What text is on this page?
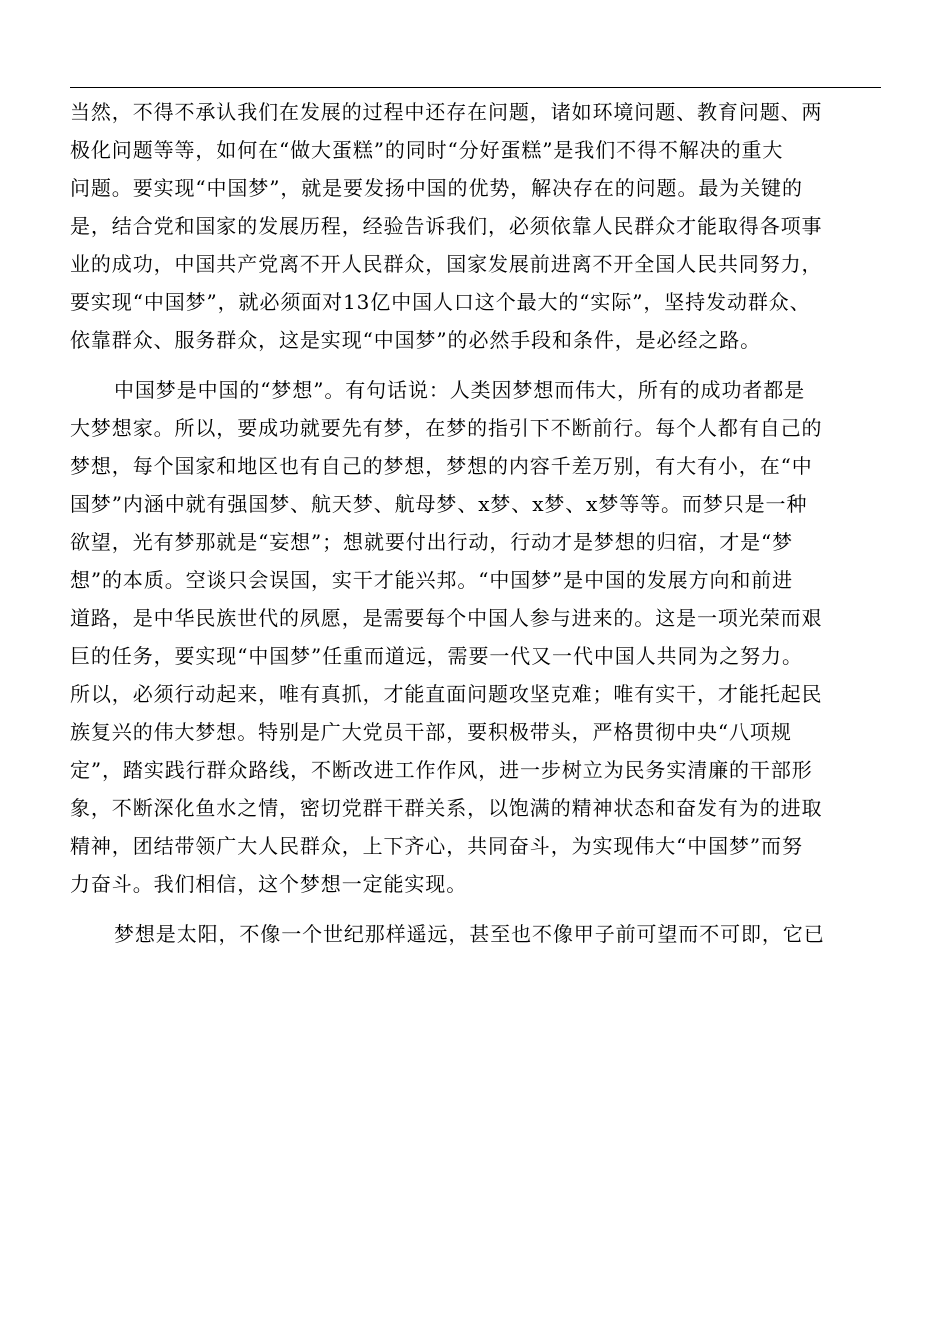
当然，不得不承认我们在发展的过程中还存在问题，诸如环境问题、教育问题、两
极化问题等等，如何在“做大蛋糕”的同时“分好蛋糕”是我们不得不解决的重大
问题。要实现“中国梦”，就是要发扬中国的优势，解决存在的问题。最为关键的
是，结合党和国家的发展历程，经验告诉我们，必须依靠人民群众才能取得各项事
业的成功，中国共产党离不开人民群众，国家发展前进离不开全国人民共同努力，
要实现“中国梦”，就必须面对13亿中国人口这个最大的“实际”，坚持发动群众、
依靠群众、服务群众，这是实现“中国梦”的必然手段和条件，是必经之路。
中国梦是中国的“梦想”。有句话说：人类因梦想而伟大，所有的成功者都是
大梦想家。所以，要成功就要先有梦，在梦的指引下不断前行。每个人都有自己的
梦想，每个国家和地区也有自己的梦想，梦想的内容千差万别，有大有小，在“中
国梦”内涵中就有强国梦、航天梦、航母梦、x梦、x梦、x梦等等。而梦只是一种
欲望，光有梦那就是“妄想”；想就要付出行动，行动才是梦想的归宿，才是“梦
想”的本质。空谈只会误国，实干才能兴邦。“中国梦”是中国的发展方向和前进
道路，是中华民族世代的夙愿，是需要每个中国人参与进来的。这是一项光荣而艰
巨的任务，要实现“中国梦”任重而道远，需要一代又一代中国人共同为之努力。
所以，必须行动起来，唯有真抓，才能直面问题攻坚克难；唯有实干，才能托起民
族复兴的伟大梦想。特别是广大党员干部，要积极带头，严格贯彻中央“八项规
定”，踏实践行群众路线，不断改进工作作风，进一步树立为民务实清廉的干部形
象，不断深化鱼水之情，密切党群干群关系，以饱满的精神状态和奋发有为的进取
精神，团结带领广大人民群众，上下齐心，共同奋斗，为实现伟大“中国梦”而努
力奋斗。我们相信，这个梦想一定能实现。
梦想是太阳，不像一个世纪那样遥远，甚至也不像甲子前可望而不可即，它已
